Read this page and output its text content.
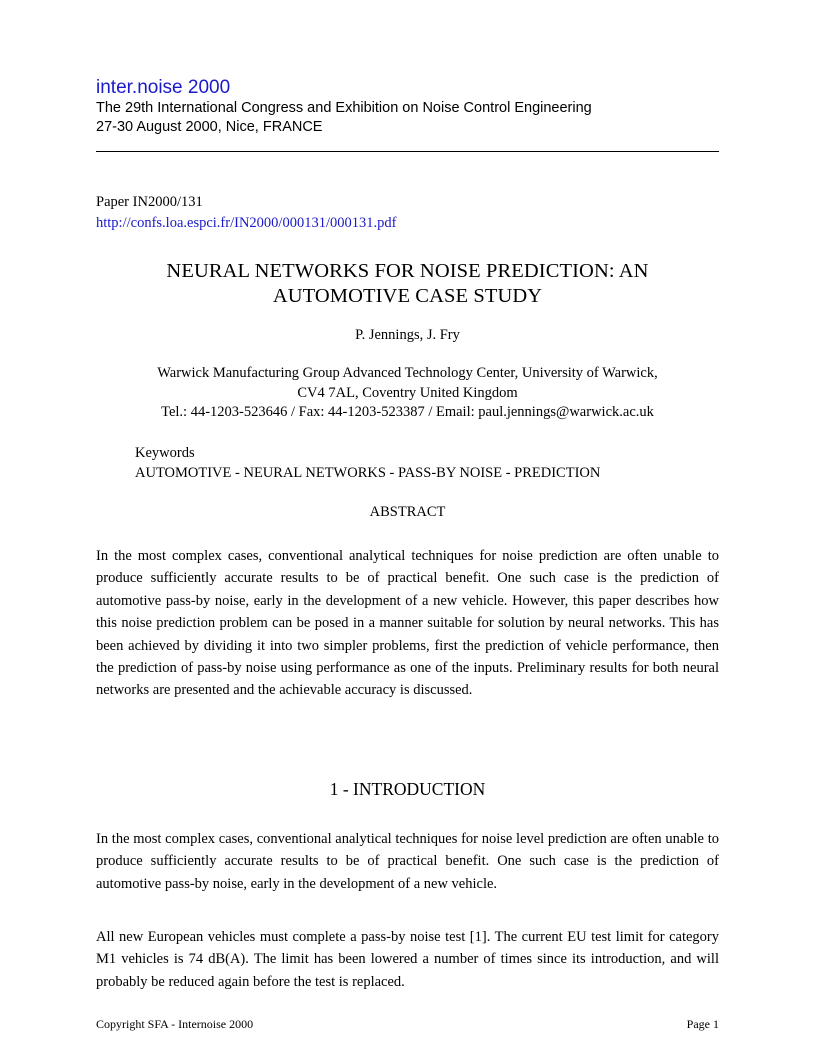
inter.noise 2000
The 29th International Congress and Exhibition on Noise Control Engineering
27-30 August 2000, Nice, FRANCE
Paper IN2000/131
http://confs.loa.espci.fr/IN2000/000131/000131.pdf
NEURAL NETWORKS FOR NOISE PREDICTION: AN
AUTOMOTIVE CASE STUDY
P. Jennings, J. Fry
Warwick Manufacturing Group Advanced Technology Center, University of Warwick,
CV4 7AL, Coventry United Kingdom
Tel.: 44-1203-523646 / Fax: 44-1203-523387 / Email: paul.jennings@warwick.ac.uk
Keywords
AUTOMOTIVE - NEURAL NETWORKS - PASS-BY NOISE - PREDICTION
ABSTRACT
In the most complex cases, conventional analytical techniques for noise prediction are often unable to produce sufficiently accurate results to be of practical benefit. One such case is the prediction of automotive pass-by noise, early in the development of a new vehicle. However, this paper describes how this noise prediction problem can be posed in a manner suitable for solution by neural networks. This has been achieved by dividing it into two simpler problems, first the prediction of vehicle performance, then the prediction of pass-by noise using performance as one of the inputs. Preliminary results for both neural networks are presented and the achievable accuracy is discussed.
1 - INTRODUCTION
In the most complex cases, conventional analytical techniques for noise level prediction are often unable to produce sufficiently accurate results to be of practical benefit. One such case is the prediction of automotive pass-by noise, early in the development of a new vehicle.
All new European vehicles must complete a pass-by noise test [1]. The current EU test limit for category M1 vehicles is 74 dB(A). The limit has been lowered a number of times since its introduction, and will probably be reduced again before the test is replaced.
Copyright SFA - Internoise 2000	Page 1
